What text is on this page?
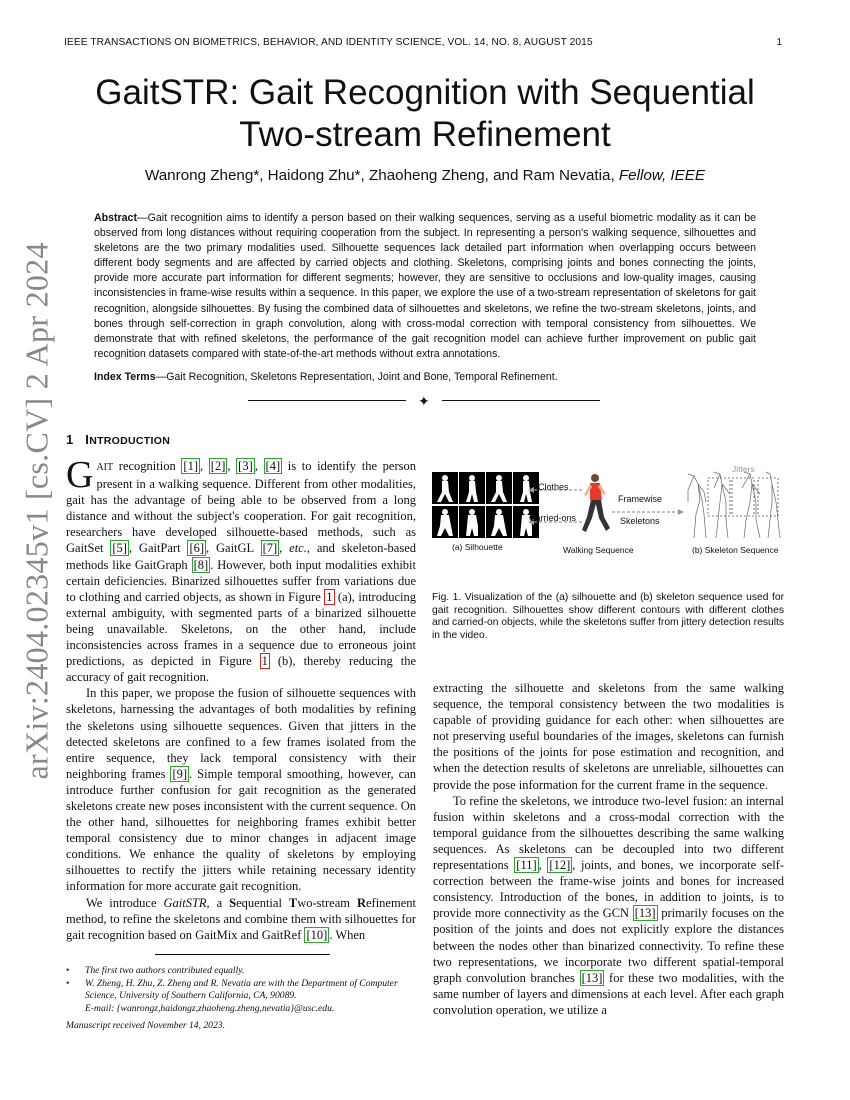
IEEE TRANSACTIONS ON BIOMETRICS, BEHAVIOR, AND IDENTITY SCIENCE, VOL. 14, NO. 8, AUGUST 2015	1
arXiv:2404.02345v1 [cs.CV] 2 Apr 2024
GaitSTR: Gait Recognition with Sequential
Two-stream Refinement
Wanrong Zheng*, Haidong Zhu*, Zhaoheng Zheng, and Ram Nevatia, Fellow, IEEE
Abstract—Gait recognition aims to identify a person based on their walking sequences, serving as a useful biometric modality as it can be observed from long distances without requiring cooperation from the subject. In representing a person's walking sequence, silhouettes and skeletons are the two primary modalities used. Silhouette sequences lack detailed part information when overlapping occurs between different body segments and are affected by carried objects and clothing. Skeletons, comprising joints and bones connecting the joints, provide more accurate part information for different segments; however, they are sensitive to occlusions and low-quality images, causing inconsistencies in frame-wise results within a sequence. In this paper, we explore the use of a two-stream representation of skeletons for gait recognition, alongside silhouettes. By fusing the combined data of silhouettes and skeletons, we refine the two-stream skeletons, joints, and bones through self-correction in graph convolution, along with cross-modal correction with temporal consistency from silhouettes. We demonstrate that with refined skeletons, the performance of the gait recognition model can achieve further improvement on public gait recognition datasets compared with state-of-the-art methods without extra annotations.
Index Terms—Gait Recognition, Skeletons Representation, Joint and Bone, Temporal Refinement.
✦
1 INTRODUCTION

GAIT recognition [1] , [2] , [3] , [4] is to identify the person present in a walking sequence. Different from other modalities, gait has the advantage of being able to be observed from a long distance and without the subject's cooperation. For gait recognition, researchers have developed silhouette-based methods, such as GaitSet [5] , GaitPart [6] , GaitGL [7] , etc., and skeleton-based methods like GaitGraph [8] . However, both input modalities exhibit certain deficiencies. Binarized silhouettes suffer from variations due to clothing and carried objects, as shown in Figure 1 (a), introducing external ambiguity, with segmented parts of a binarized silhouette being unavailable. Skeletons, on the other hand, include inconsistencies across frames in a sequence due to erroneous joint predictions, as depicted in Figure 1 (b), thereby reducing the accuracy of gait recognition.

In this paper, we propose the fusion of silhouette sequences with skeletons, harnessing the advantages of both modalities by refining the skeletons using silhouette sequences. Given that jitters in the detected skeletons are confined to a few frames isolated from the entire sequence, they lack temporal consistency with their neighboring frames [9] . Simple temporal smoothing, however, can introduce further confusion for gait recognition as the generated skeletons create new poses inconsistent with the current sequence. On the other hand, silhouettes for neighboring frames exhibit better temporal consistency due to minor changes in adjacent image conditions. We enhance the quality of skeletons by employing silhouettes to rectify the jitters while retaining necessary identity information for more accurate gait recognition.

We introduce GaitSTR, a Sequential Two-stream Refinement method, to refine the skeletons and combine them with silhouettes for gait recognition based on GaitMix and GaitRef [10] . When

• The first two authors contributed equally.
• W. Zheng, H. Zhu, Z. Zheng and R. Nevatia are with the Department of Computer Science, University of Southern California, CA, 90089.
E-mail: {wanrongz,haidongz,zhaoheng.zheng,nevatia}@usc.edu.
Manuscript received November 14, 2023.
Clothes
Carried-ons
Framewise
Skeletons
Walking Sequence
(a) Silhouette
Jitters
(b) Skeleton Sequence
Fig. 1. Visualization of the (a) silhouette and (b) skeleton sequence used for gait recognition. Silhouettes show different contours with different clothes and carried-on objects, while the skeletons suffer from jittery detection results in the video.

extracting the silhouette and skeletons from the same walking sequence, the temporal consistency between the two modalities is capable of providing guidance for each other: when silhouettes are not preserving useful boundaries of the images, skeletons can furnish the positions of the joints for pose estimation and recognition, and when the detection results of skeletons are unreliable, silhouettes can provide the pose information for the current frame in the sequence.

To refine the skeletons, we introduce two-level fusion: an internal fusion within skeletons and a cross-modal correction with the temporal guidance from the silhouettes describing the same walking sequences. As skeletons can be decoupled into two different representations [11] , [12] , joints, and bones, we incorporate self-correction between the frame-wise joints and bones for increased consistency. Introduction of the bones, in addition to joints, is to provide more connectivity as the GCN [13] primarily focuses on the position of the joints and does not explicitly explore the distances between the nodes other than binarized connectivity. To refine these two representations, we incorporate two different spatial-temporal graph convolution branches [13] for these two modalities, with the same number of layers and dimensions at each level. After each graph convolution operation, we utilize a
